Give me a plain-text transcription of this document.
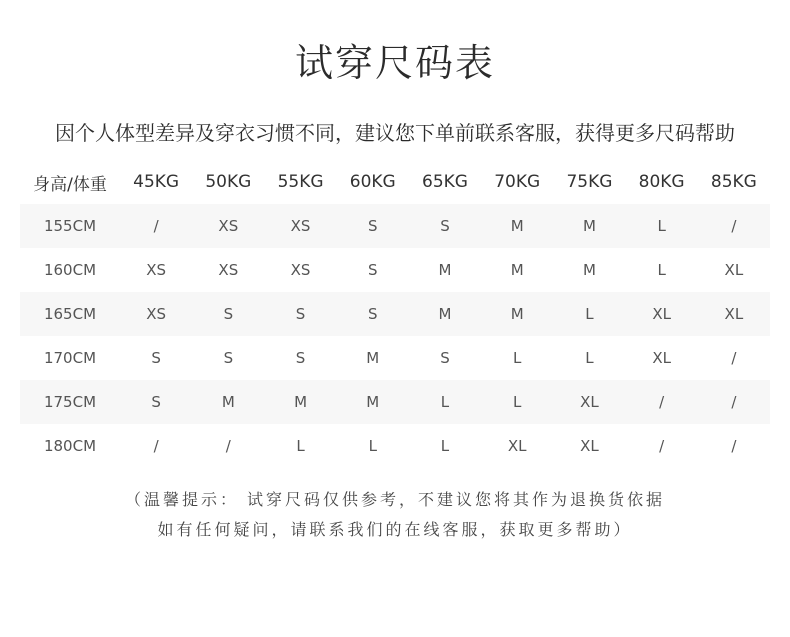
试穿尺码表
因个人体型差异及穿衣习惯不同，建议您下单前联系客服，获得更多尺码帮助
身高/体重	45KG	50KG	55KG	60KG	65KG	70KG	75KG	80KG	85KG
155CM	/	XS	XS	S	S	M	M	L	/
160CM	XS	XS	XS	S	M	M	M	L	XL
165CM	XS	S	S	S	M	M	L	XL	XL
170CM	S	S	S	M	S	L	L	XL	/
175CM	S	M	M	M	L	L	XL	/	/
180CM	/	/	L	L	L	XL	XL	/	/
（温馨提示： 试穿尺码仅供参考，不建议您将其作为退换货依据
如有任何疑问，请联系我们的在线客服，获取更多帮助）
